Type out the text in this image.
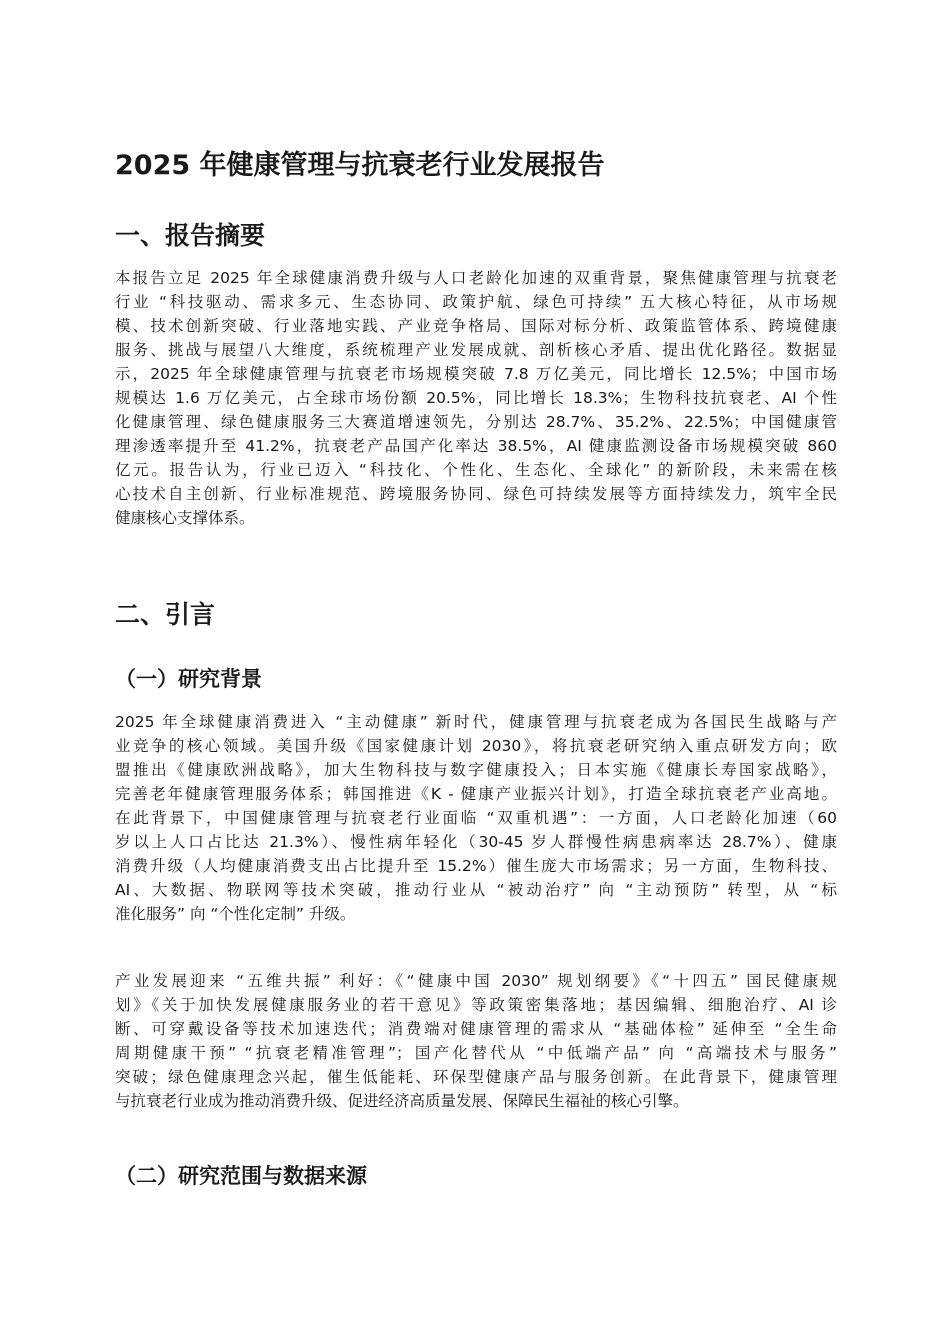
2025 年健康管理与抗衰老行业发展报告
一、报告摘要
本报告立足 2025 年全球健康消费升级与人口老龄化加速的双重背景，聚焦健康管理与抗衰老
行业 “科技驱动、需求多元、生态协同、政策护航、绿色可持续” 五大核心特征，从市场规
模、技术创新突破、行业落地实践、产业竞争格局、国际对标分析、政策监管体系、跨境健康
服务、挑战与展望八大维度，系统梳理产业发展成就、剖析核心矛盾、提出优化路径。数据显
示，2025 年全球健康管理与抗衰老市场规模突破 7.8 万亿美元，同比增长 12.5%；中国市场
规模达 1.6 万亿美元，占全球市场份额 20.5%，同比增长 18.3%；生物科技抗衰老、AI 个性
化健康管理、绿色健康服务三大赛道增速领先，分别达 28.7%、35.2%、22.5%；中国健康管
理渗透率提升至 41.2%，抗衰老产品国产化率达 38.5%，AI 健康监测设备市场规模突破 860
亿元。报告认为，行业已迈入 “科技化、个性化、生态化、全球化” 的新阶段，未来需在核
心技术自主创新、行业标准规范、跨境服务协同、绿色可持续发展等方面持续发力，筑牢全民
健康核心支撑体系。
二、引言
（一）研究背景
2025 年全球健康消费进入 “主动健康” 新时代，健康管理与抗衰老成为各国民生战略与产
业竞争的核心领域。美国升级《国家健康计划 2030》，将抗衰老研究纳入重点研发方向；欧
盟推出《健康欧洲战略》，加大生物科技与数字健康投入；日本实施《健康长寿国家战略》，
完善老年健康管理服务体系；韩国推进《K - 健康产业振兴计划》，打造全球抗衰老产业高地。
在此背景下，中国健康管理与抗衰老行业面临 “双重机遇”：一方面，人口老龄化加速（60
岁以上人口占比达 21.3%）、慢性病年轻化（30-45 岁人群慢性病患病率达 28.7%）、健康
消费升级（人均健康消费支出占比提升至 15.2%）催生庞大市场需求；另一方面，生物科技、
AI、大数据、物联网等技术突破，推动行业从 “被动治疗” 向 “主动预防” 转型，从 “标
准化服务” 向 “个性化定制” 升级。
产业发展迎来 “五维共振” 利好：《“健康中国 2030” 规划纲要》《“十四五” 国民健康规
划》《关于加快发展健康服务业的若干意见》等政策密集落地；基因编辑、细胞治疗、AI 诊
断、可穿戴设备等技术加速迭代；消费端对健康管理的需求从 “基础体检” 延伸至 “全生命
周期健康干预” “抗衰老精准管理”；国产化替代从 “中低端产品” 向 “高端技术与服务”
突破；绿色健康理念兴起，催生低能耗、环保型健康产品与服务创新。在此背景下，健康管理
与抗衰老行业成为推动消费升级、促进经济高质量发展、保障民生福祉的核心引擎。
（二）研究范围与数据来源
